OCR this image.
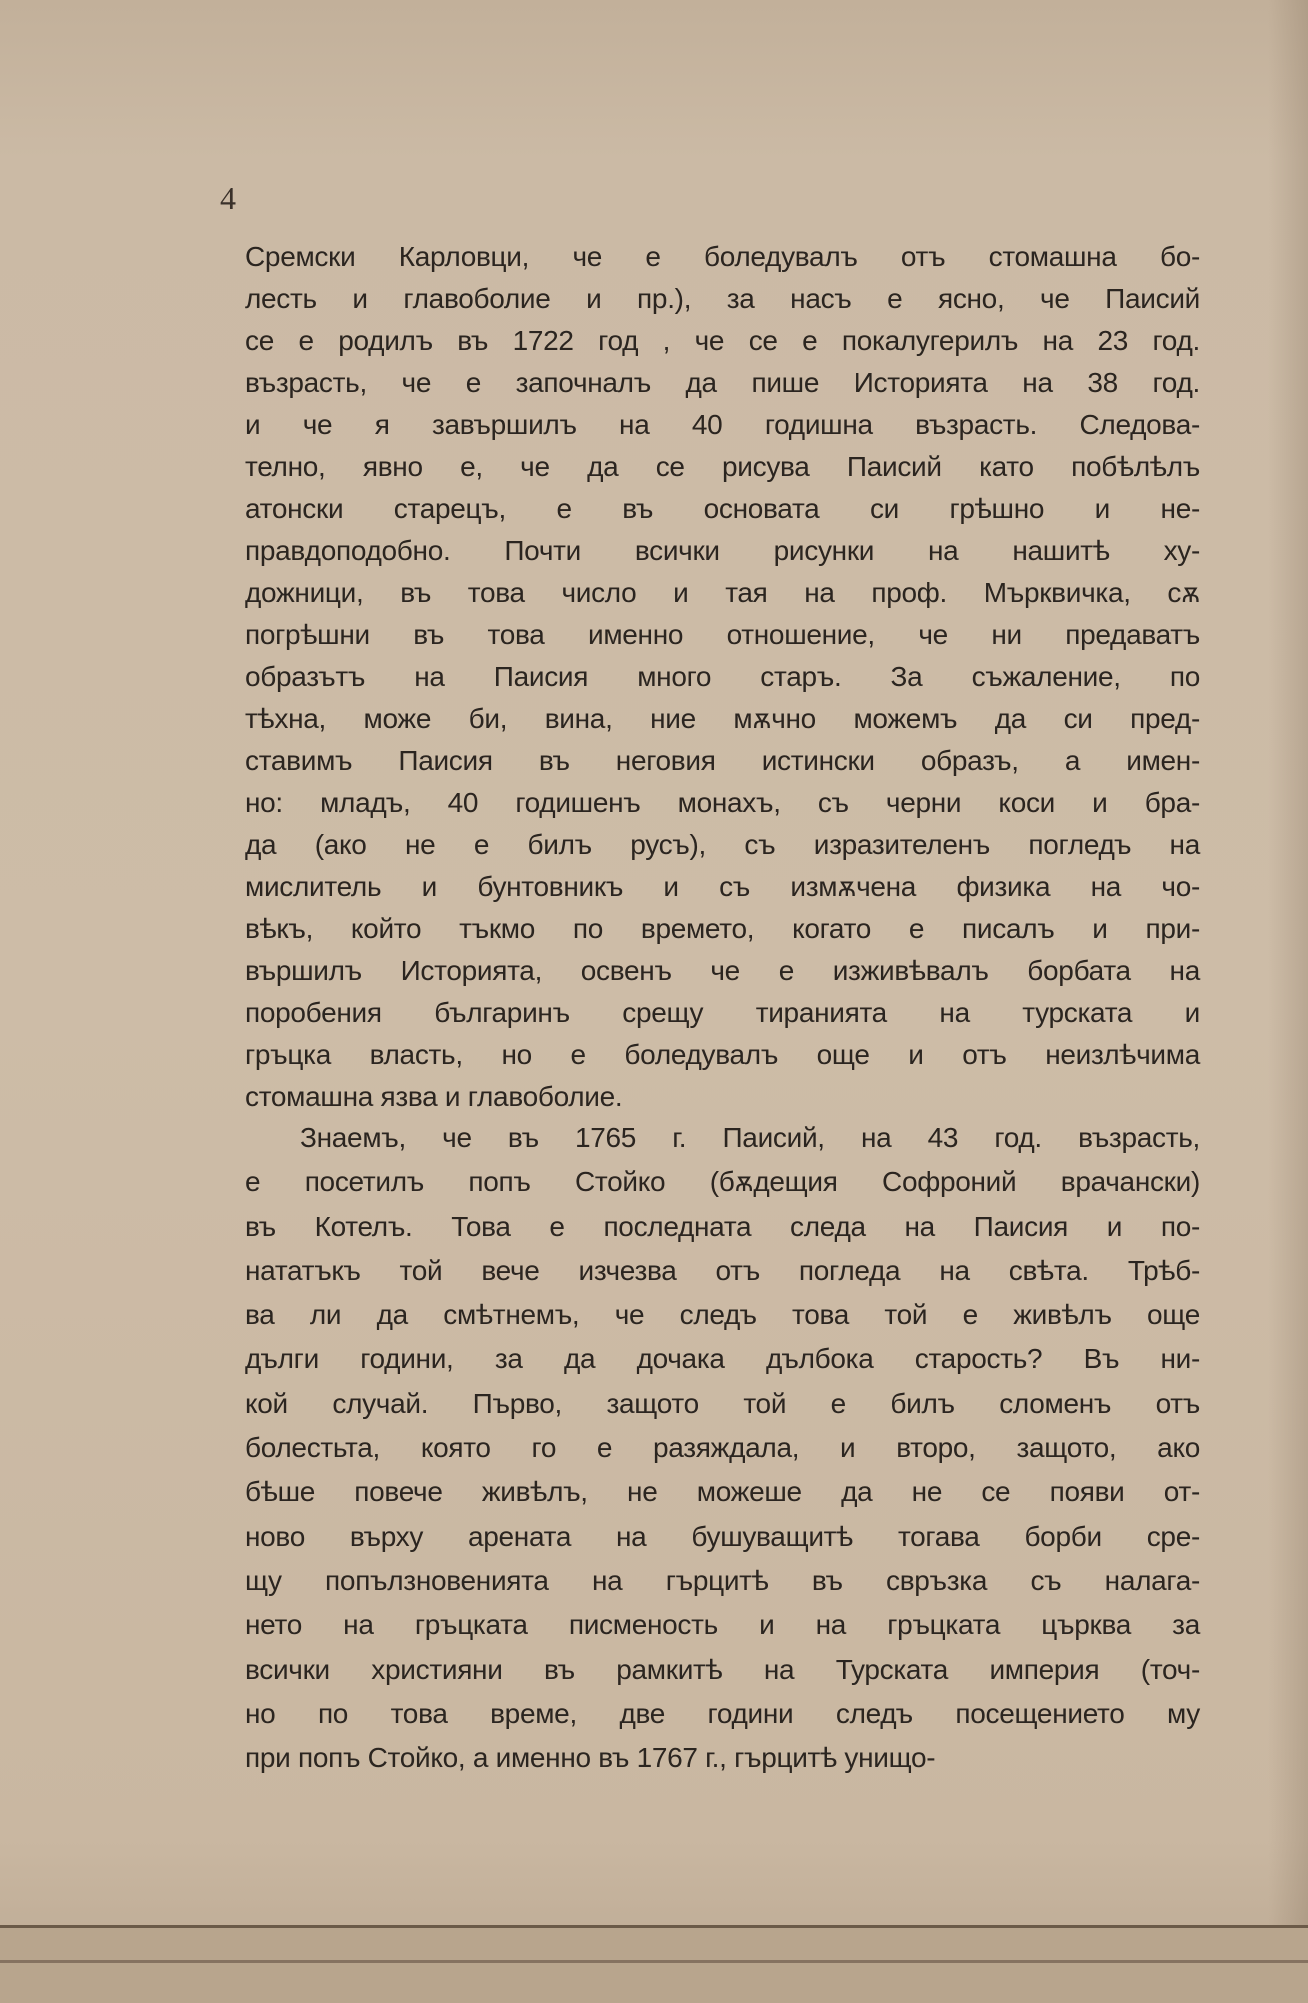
4
Сремски Карловци, че е боледувалъ отъ стомашна бо-
лесть и главоболие и пр.), за насъ е ясно, че Паисий
се е родилъ въ 1722 год , че се е покалугерилъ на 23 год.
възрасть, че е започналъ да пише Историята на 38 год.
и че я завършилъ на 40 годишна възрасть. Следова-
телно, явно е, че да се рисува Паисий като побѣлѣлъ
атонски старецъ, е въ основата си грѣшно и не-
правдоподобно. Почти всички рисунки на нашитѣ ху-
дожници, въ това число и тая на проф. Мърквичка, сѫ
погрѣшни въ това именно отношение, че ни предаватъ
образътъ на Паисия много старъ. За съжаление, по
тѣхна, може би, вина, ние мѫчно можемъ да си пред-
ставимъ Паисия въ неговия истински образъ, а имен-
но: младъ, 40 годишенъ монахъ, съ черни коси и бра-
да (ако не е билъ русъ), съ изразителенъ погледъ на
мислитель и бунтовникъ и съ измѫчена физика на чо-
вѣкъ, който тъкмо по времето, когато е писалъ и при-
вършилъ Историята, освенъ че е изживѣвалъ борбата на
поробения българинъ срещу тиранията на турската и
гръцка власть, но е боледувалъ още и отъ неизлѣчима
стомашна язва и главоболие.
Знаемъ, че въ 1765 г. Паисий, на 43 год. възрасть,
е посетилъ попъ Стойко (бѫдещия Софроний врачански)
въ Котелъ. Това е последната следа на Паисия и по-
нататъкъ той вече изчезва отъ погледа на свѣта. Трѣб-
ва ли да смѣтнемъ, че следъ това той е живѣлъ още
дълги години, за да дочака дълбока старость? Въ ни-
кой случай. Първо, защото той е билъ сломенъ отъ
болестьта, която го е разяждала, и второ, защото, ако
бѣше повече живѣлъ, не можеше да не се появи от-
ново върху арената на бушуващитѣ тогава борби сре-
щу попълзновенията на гърцитѣ въ свръзка съ налага-
нето на гръцката писменость и на гръцката църква за
всички християни въ рамкитѣ на Турската империя (точ-
но по това време, две години следъ посещението му
при попъ Стойко, а именно въ 1767 г., гърцитѣ унищо-
